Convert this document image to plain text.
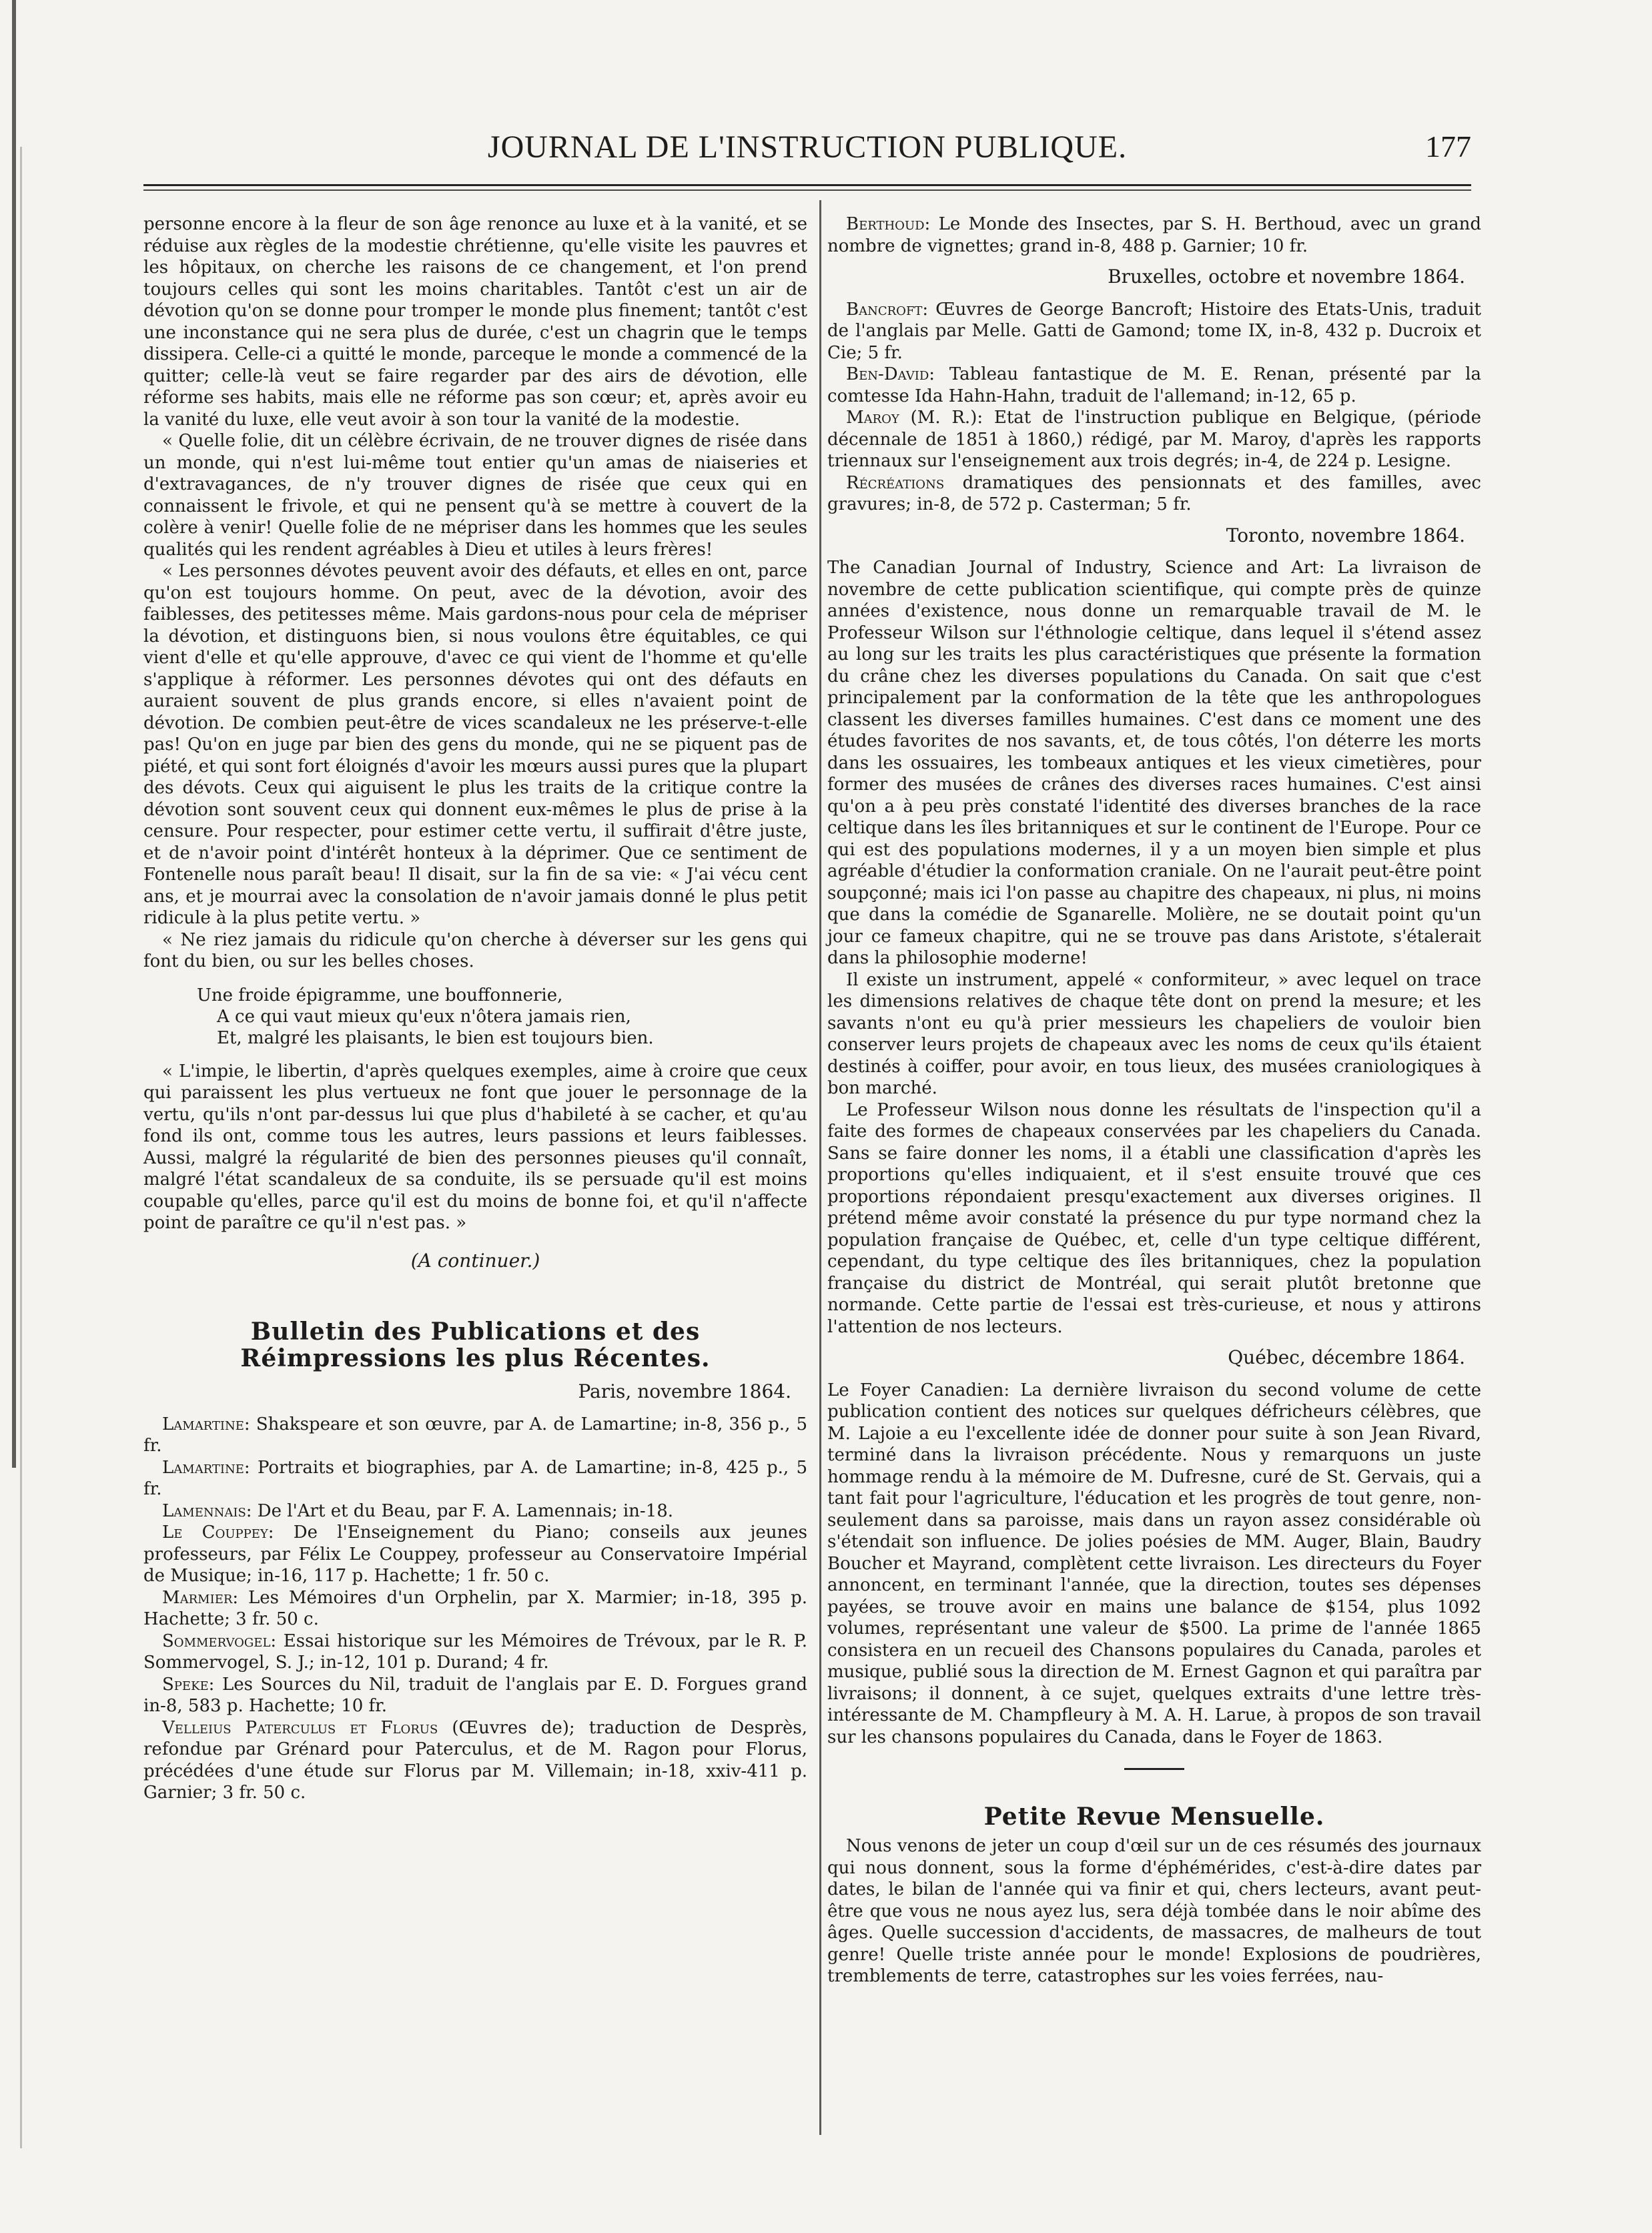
JOURNAL DE L'INSTRUCTION PUBLIQUE.	177

personne encore à la fleur de son âge renonce au luxe et à la vanité, et se réduise aux règles de la modestie chrétienne, qu'elle visite les pauvres et les hôpitaux, on cherche les raisons de ce changement, et l'on prend toujours celles qui sont les moins charitables. Tantôt c'est un air de dévotion qu'on se donne pour tromper le monde plus finement; tantôt c'est une inconstance qui ne sera plus de durée, c'est un chagrin que le temps dissipera. Celle-ci a quitté le monde, parceque le monde a commencé de la quitter; celle-là veut se faire regarder par des airs de dévotion, elle réforme ses habits, mais elle ne réforme pas son cœur; et, après avoir eu la vanité du luxe, elle veut avoir à son tour la vanité de la modestie.

« Quelle folie, dit un célèbre écrivain, de ne trouver dignes de risée dans un monde, qui n'est lui-même tout entier qu'un amas de niaiseries et d'extravagances, de n'y trouver dignes de risée que ceux qui en connaissent le frivole, et qui ne pensent qu'à se mettre à couvert de la colère à venir! Quelle folie de ne mépriser dans les hommes que les seules qualités qui les rendent agréables à Dieu et utiles à leurs frères!

« Les personnes dévotes peuvent avoir des défauts, et elles en ont, parce qu'on est toujours homme. On peut, avec de la dévotion, avoir des faiblesses, des petitesses même. Mais gardons-nous pour cela de mépriser la dévotion, et distinguons bien, si nous voulons être équitables, ce qui vient d'elle et qu'elle approuve, d'avec ce qui vient de l'homme et qu'elle s'applique à réformer. Les personnes dévotes qui ont des défauts en auraient souvent de plus grands encore, si elles n'avaient point de dévotion. De combien peut-être de vices scandaleux ne les préserve-t-elle pas! Qu'on en juge par bien des gens du monde, qui ne se piquent pas de piété, et qui sont fort éloignés d'avoir les mœurs aussi pures que la plupart des dévots. Ceux qui aiguisent le plus les traits de la critique contre la dévotion sont souvent ceux qui donnent eux-mêmes le plus de prise à la censure. Pour respecter, pour estimer cette vertu, il suffirait d'être juste, et de n'avoir point d'intérêt honteux à la déprimer. Que ce sentiment de Fontenelle nous paraît beau! Il disait, sur la fin de sa vie: « J'ai vécu cent ans, et je mourrai avec la consolation de n'avoir jamais donné le plus petit ridicule à la plus petite vertu. »

« Ne riez jamais du ridicule qu'on cherche à déverser sur les gens qui font du bien, ou sur les belles choses.

Une froide épigramme, une bouffonnerie,
A ce qui vaut mieux qu'eux n'ôtera jamais rien,
Et, malgré les plaisants, le bien est toujours bien.

« L'impie, le libertin, d'après quelques exemples, aime à croire que ceux qui paraissent les plus vertueux ne font que jouer le personnage de la vertu, qu'ils n'ont par-dessus lui que plus d'habileté à se cacher, et qu'au fond ils ont, comme tous les autres, leurs passions et leurs faiblesses. Aussi, malgré la régularité de bien des personnes pieuses qu'il connaît, malgré l'état scandaleux de sa conduite, ils se persuade qu'il est moins coupable qu'elles, parce qu'il est du moins de bonne foi, et qu'il n'affecte point de paraître ce qu'il n'est pas. »

(A continuer.)
Bulletin des Publications et des Réimpressions les plus Récentes.
Paris, novembre 1864.

Lamartine: Shakspeare et son œuvre, par A. de Lamartine; in-8, 356 p., 5 fr.

Lamartine: Portraits et biographies, par A. de Lamartine; in-8, 425 p., 5 fr.

Lamennais: De l'Art et du Beau, par F. A. Lamennais; in-18.

Le Couppey: De l'Enseignement du Piano; conseils aux jeunes professeurs, par Félix Le Couppey, professeur au Conservatoire Impérial de Musique; in-16, 117 p. Hachette; 1 fr. 50 c.

Marmier: Les Mémoires d'un Orphelin, par X. Marmier; in-18, 395 p. Hachette; 3 fr. 50 c.

Sommervogel: Essai historique sur les Mémoires de Trévoux, par le R. P. Sommervogel, S. J.; in-12, 101 p. Durand; 4 fr.

Speke: Les Sources du Nil, traduit de l'anglais par E. D. Forgues grand in-8, 583 p. Hachette; 10 fr.

Velleius Paterculus et Florus (Œuvres de); traduction de Desprès, refondue par Grénard pour Paterculus, et de M. Ragon pour Florus, précédées d'une étude sur Florus par M. Villemain; in-18, xxiv-411 p. Garnier; 3 fr. 50 c.

Berthoud: Le Monde des Insectes, par S. H. Berthoud, avec un grand nombre de vignettes; grand in-8, 488 p. Garnier; 10 fr.

Bruxelles, octobre et novembre 1864.

Bancroft: Œuvres de George Bancroft; Histoire des Etats-Unis, traduit de l'anglais par Melle. Gatti de Gamond; tome IX, in-8, 432 p. Ducroix et Cie; 5 fr.

Ben-David: Tableau fantastique de M. E. Renan, présenté par la comtesse Ida Hahn-Hahn, traduit de l'allemand; in-12, 65 p.

Maroy (M. R.): Etat de l'instruction publique en Belgique, (période décennale de 1851 à 1860,) rédigé, par M. Maroy, d'après les rapports triennaux sur l'enseignement aux trois degrés; in-4, de 224 p. Lesigne.

Récréations dramatiques des pensionnats et des familles, avec gravures; in-8, de 572 p. Casterman; 5 fr.

Toronto, novembre 1864.

The Canadian Journal of Industry, Science and Art: La livraison de novembre de cette publication scientifique, qui compte près de quinze années d'existence, nous donne un remarquable travail de M. le Professeur Wilson sur l'éthnologie celtique, dans lequel il s'étend assez au long sur les traits les plus caractéristiques que présente la formation du crâne chez les diverses populations du Canada. On sait que c'est principalement par la conformation de la tête que les anthropologues classent les diverses familles humaines. C'est dans ce moment une des études favorites de nos savants, et, de tous côtés, l'on déterre les morts dans les ossuaires, les tombeaux antiques et les vieux cimetières, pour former des musées de crânes des diverses races humaines. C'est ainsi qu'on a à peu près constaté l'identité des diverses branches de la race celtique dans les îles britanniques et sur le continent de l'Europe. Pour ce qui est des populations modernes, il y a un moyen bien simple et plus agréable d'étudier la conformation craniale. On ne l'aurait peut-être point soupçonné; mais ici l'on passe au chapitre des chapeaux, ni plus, ni moins que dans la comédie de Sganarelle. Molière, ne se doutait point qu'un jour ce fameux chapitre, qui ne se trouve pas dans Aristote, s'étalerait dans la philosophie moderne!

Il existe un instrument, appelé « conformiteur, » avec lequel on trace les dimensions relatives de chaque tête dont on prend la mesure; et les savants n'ont eu qu'à prier messieurs les chapeliers de vouloir bien conserver leurs projets de chapeaux avec les noms de ceux qu'ils étaient destinés à coiffer, pour avoir, en tous lieux, des musées craniologiques à bon marché.

Le Professeur Wilson nous donne les résultats de l'inspection qu'il a faite des formes de chapeaux conservées par les chapeliers du Canada. Sans se faire donner les noms, il a établi une classification d'après les proportions qu'elles indiquaient, et il s'est ensuite trouvé que ces proportions répondaient presqu'exactement aux diverses origines. Il prétend même avoir constaté la présence du pur type normand chez la population française de Québec, et, celle d'un type celtique différent, cependant, du type celtique des îles britanniques, chez la population française du district de Montréal, qui serait plutôt bretonne que normande. Cette partie de l'essai est très-curieuse, et nous y attirons l'attention de nos lecteurs.

Québec, décembre 1864.

Le Foyer Canadien: La dernière livraison du second volume de cette publication contient des notices sur quelques défricheurs célèbres, que M. Lajoie a eu l'excellente idée de donner pour suite à son Jean Rivard, terminé dans la livraison précédente. Nous y remarquons un juste hommage rendu à la mémoire de M. Dufresne, curé de St. Gervais, qui a tant fait pour l'agriculture, l'éducation et les progrès de tout genre, non-seulement dans sa paroisse, mais dans un rayon assez considérable où s'étendait son influence. De jolies poésies de MM. Auger, Blain, Baudry Boucher et Mayrand, complètent cette livraison. Les directeurs du Foyer annoncent, en terminant l'année, que la direction, toutes ses dépenses payées, se trouve avoir en mains une balance de $154, plus 1092 volumes, représentant une valeur de $500. La prime de l'année 1865 consistera en un recueil des Chansons populaires du Canada, paroles et musique, publié sous la direction de M. Ernest Gagnon et qui paraîtra par livraisons; il donnent, à ce sujet, quelques extraits d'une lettre très-intéressante de M. Champfleury à M. A. H. Larue, à propos de son travail sur les chansons populaires du Canada, dans le Foyer de 1863.

Petite Revue Mensuelle.

Nous venons de jeter un coup d'œil sur un de ces résumés des journaux qui nous donnent, sous la forme d'éphémérides, c'est-à-dire dates par dates, le bilan de l'année qui va finir et qui, chers lecteurs, avant peut-être que vous ne nous ayez lus, sera déjà tombée dans le noir abîme des âges. Quelle succession d'accidents, de massacres, de malheurs de tout genre! Quelle triste année pour le monde! Explosions de poudrières, tremblements de terre, catastrophes sur les voies ferrées, nau-
